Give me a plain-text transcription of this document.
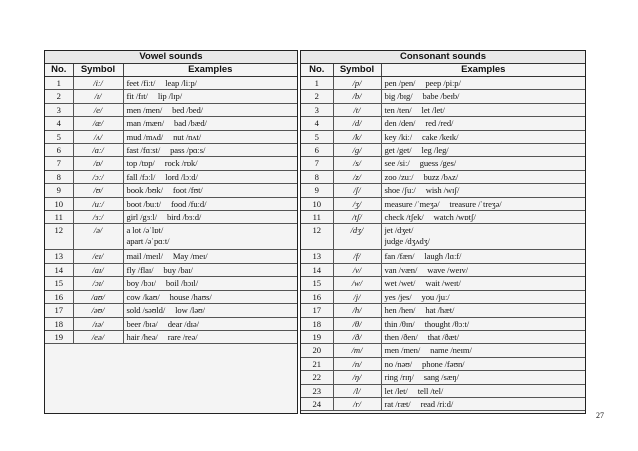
Vowel sounds		
No.	Symbol	Examples
1	/iː/	feet /fiːt/ leap /liːp/
2	/ɪ/	fit /fɪt/ lip /lɪp/
3	/e/	men /men/ bed /bed/
4	/æ/	man /mæn/ bad /bæd/
5	/ʌ/	mud /mʌd/ nut /nʌt/
6	/ɑː/	fast /fɑːst/ pass /pɑːs/
7	/ɒ/	top /tɒp/ rock /rɒk/
8	/ɔː/	fall /fɔːl/ lord /lɔːd/
9	/ʊ/	book /bʊk/ foot /fʊt/
10	/uː/	boot /buːt/ food /fuːd/
11	/ɜː/	girl /gɜːl/ bird /bɜːd/
12	/ə/	a lot /əˈlɒt/
apart /əˈpɑːt/
13	/eɪ/	mail /meɪl/ May /meɪ/
14	/aɪ/	fly /flaɪ/ buy /baɪ/
15	/ɔɪ/	boy /bɔɪ/ boil /bɔɪl/
16	/aʊ/	cow /kaʊ/ house /haʊs/
17	/əʊ/	sold /səʊld/ low /ləʊ/
18	/ɪə/	beer /bɪə/ dear /dɪə/
19	/eə/	hair /heə/ rare /reə/
Consonant sounds		
No.	Symbol	Examples
1	/p/	pen /pen/ peep /piːp/
2	/b/	big /bɪg/ babe /beɪb/
3	/t/	ten /ten/ let /let/
4	/d/	den /den/ red /red/
5	/k/	key /kiː/ cake /keɪk/
6	/g/	get /get/ leg /leg/
7	/s/	see /siː/ guess /ges/
8	/z/	zoo /zuː/ buzz /bʌz/
9	/ʃ/	shoe /ʃuː/ wish /wɪʃ/
10	/ʒ/	measure /ˈmeʒə/ treasure /ˈtreʒə/
11	/tʃ/	check /tʃek/ watch /wɒtʃ/
12	/dʒ/	jet /dʒet/
judge /dʒʌdʒ/
13	/f/	fan /fæn/ laugh /lɑːf/
14	/v/	van /væn/ wave /weɪv/
15	/w/	wet /wet/ wait /weɪt/
16	/j/	yes /jes/ you /juː/
17	/h/	hen /hen/ hat /hæt/
18	/θ/	thin /θɪn/ thought /θɔːt/
19	/ð/	then /ðen/ that /ðæt/
20	/m/	men /men/ name /neɪm/
21	/n/	no /nəʊ/ phone /fəʊn/
22	/ŋ/	ring /rɪŋ/ sang /sæŋ/
23	/l/	let /let/ tell /tel/
24	/r/	rat /ræt/ read /riːd/
27
